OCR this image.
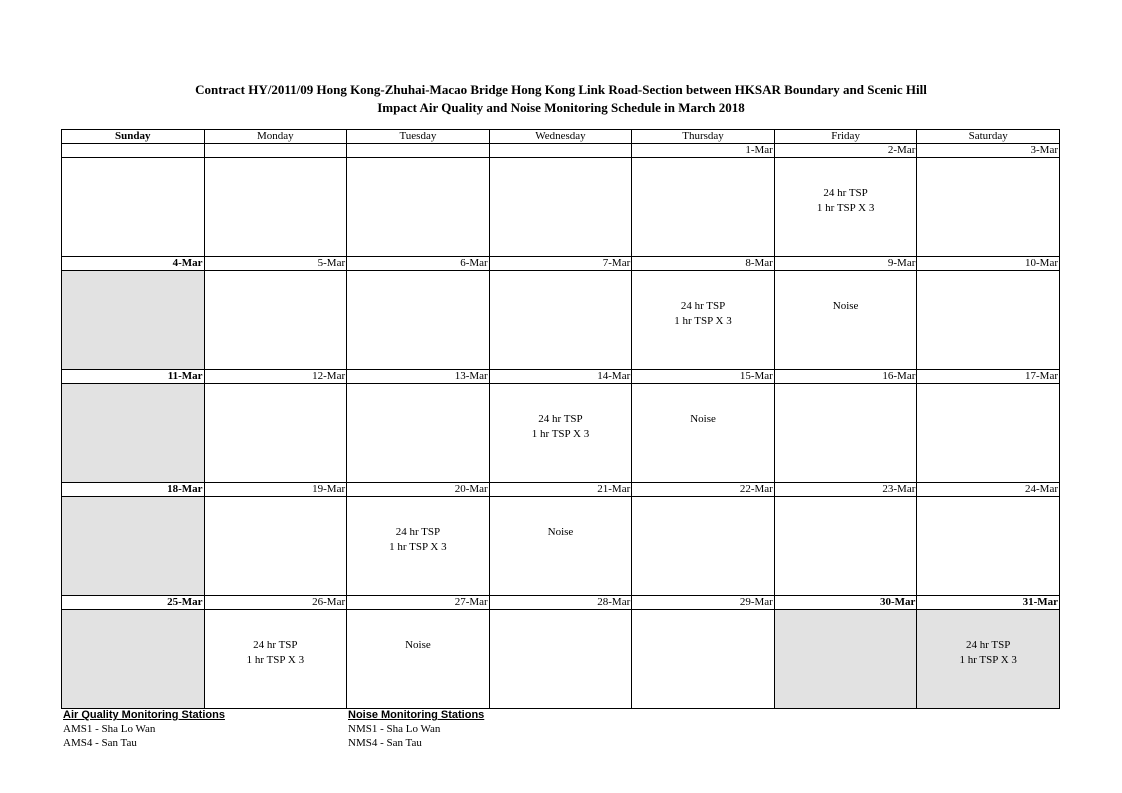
Contract HY/2011/09 Hong Kong-Zhuhai-Macao Bridge Hong Kong Link Road-Section between HKSAR Boundary and Scenic Hill
Impact Air Quality and Noise Monitoring Schedule in March 2018
Sunday	Monday	Tuesday	Wednesday	Thursday	Friday	Saturday
				1-Mar	2-Mar	3-Mar

					24 hr TSP
1 hr TSP X 3	

4-Mar	5-Mar	6-Mar	7-Mar	8-Mar	9-Mar	10-Mar

				24 hr TSP
1 hr TSP X 3	Noise	

11-Mar	12-Mar	13-Mar	14-Mar	15-Mar	16-Mar	17-Mar

			24 hr TSP
1 hr TSP X 3	Noise		

18-Mar	19-Mar	20-Mar	21-Mar	22-Mar	23-Mar	24-Mar

		24 hr TSP
1 hr TSP X 3	Noise			

25-Mar	26-Mar	27-Mar	28-Mar	29-Mar	30-Mar	31-Mar

	24 hr TSP
1 hr TSP X 3	Noise				24 hr TSP
1 hr TSP X 3
Air Quality Monitoring Stations
AMS1 - Sha Lo Wan
AMS4 - San Tau
Noise Monitoring Stations
NMS1 - Sha Lo Wan
NMS4 - San Tau
